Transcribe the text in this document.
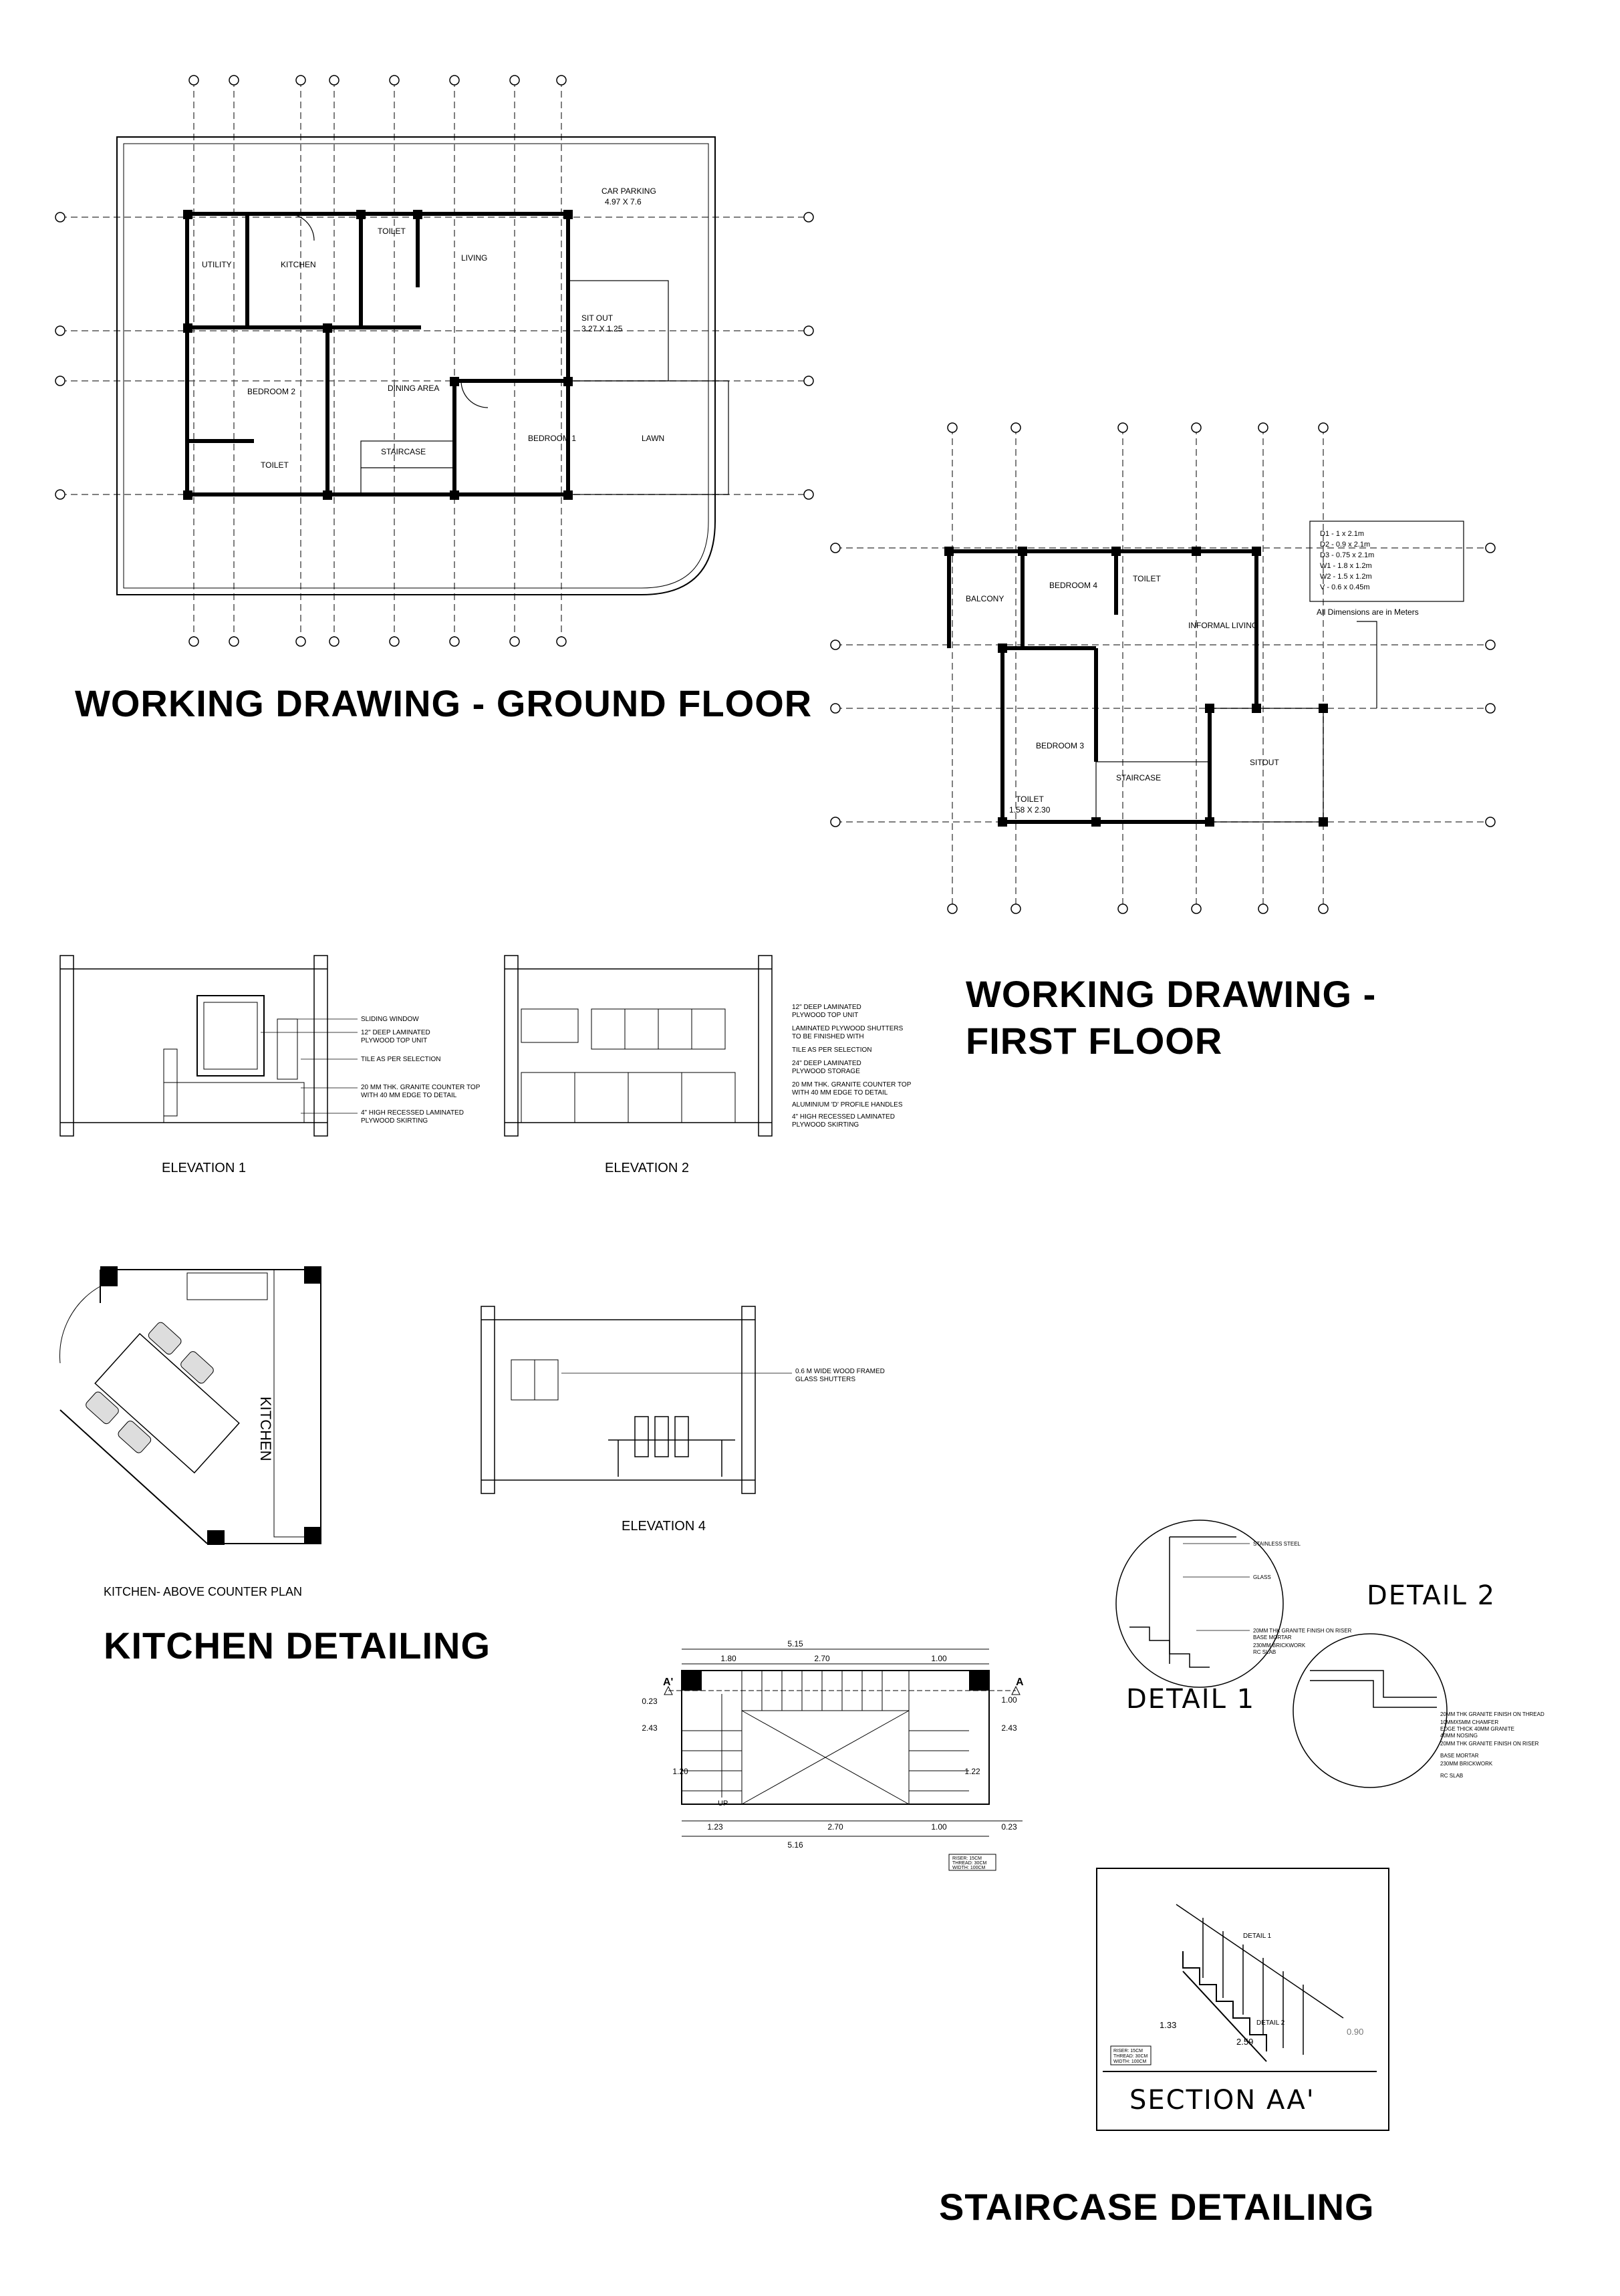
UTILITY	KITCHEN
TOILET
LIVING
BEDROOM 2	DINING AREA
TOILET
STAIRCASE
BEDROOM 1	LAWN
CAR PARKING
4.97 X 7.6
SIT OUT
3.27 X 1.25
WORKING DRAWING - GROUND FLOOR
BALCONY
BEDROOM 4
TOILET
INFORMAL LIVING
BEDROOM 3
STAIRCASE
SITOUT
TOILET
1.58 X 2.30
All Dimensions are in Meters
D1 - 1 x 2.1m
D2 - 0.9 x 2.1m
D3 - 0.75 x 2.1m
W1 - 1.8 x 1.2m
W2 - 1.5 x 1.2m
V - 0.6 x 0.45m
WORKING DRAWING -
FIRST FLOOR
SLIDING WINDOW
12" DEEP LAMINATED
PLYWOOD TOP UNIT
TILE AS PER SELECTION
20 MM THK. GRANITE COUNTER TOP
WITH 40 MM EDGE TO DETAIL
4" HIGH RECESSED LAMINATED
PLYWOOD SKIRTING
ELEVATION 1
12" DEEP LAMINATED
PLYWOOD TOP UNIT
LAMINATED PLYWOOD SHUTTERS
TO BE FINISHED WITH
TILE AS PER SELECTION
24" DEEP LAMINATED
PLYWOOD STORAGE
20 MM THK. GRANITE COUNTER TOP
WITH 40 MM EDGE TO DETAIL
ALUMINIUM 'D' PROFILE HANDLES
4" HIGH RECESSED LAMINATED
PLYWOOD SKIRTING
ELEVATION 2
KITCHEN
KITCHEN- ABOVE COUNTER PLAN
KITCHEN DETAILING
0.6 M WIDE WOOD FRAMED
GLASS SHUTTERS
ELEVATION 4
5.15
1.80	2.70	1.00
1.23	2.70	1.00	0.23
5.16
0.23
2.43
1.20
1.00
2.43
1.22
A'	A
UP
RISER: 15CM
THREAD: 30CM
WIDTH: 100CM
STAINLESS STEEL
GLASS
20MM THK GRANITE FINISH ON RISER
BASE MORTAR
230MM BRICKWORK
RC SLAB
20MM THK GRANITE FINISH ON THREAD
10MMX5MM CHAMFER
EDGE THICK 40MM GRANITE
40MM NOSING
20MM THK GRANITE FINISH ON RISER
BASE MORTAR
230MM BRICKWORK
RC SLAB
DETAIL 2
DETAIL 1
DETAIL 1
DETAIL 2
1.33
2.59
0.90
RISER: 15CM
THREAD: 30CM
WIDTH: 100CM
SECTION AA'
STAIRCASE DETAILING
